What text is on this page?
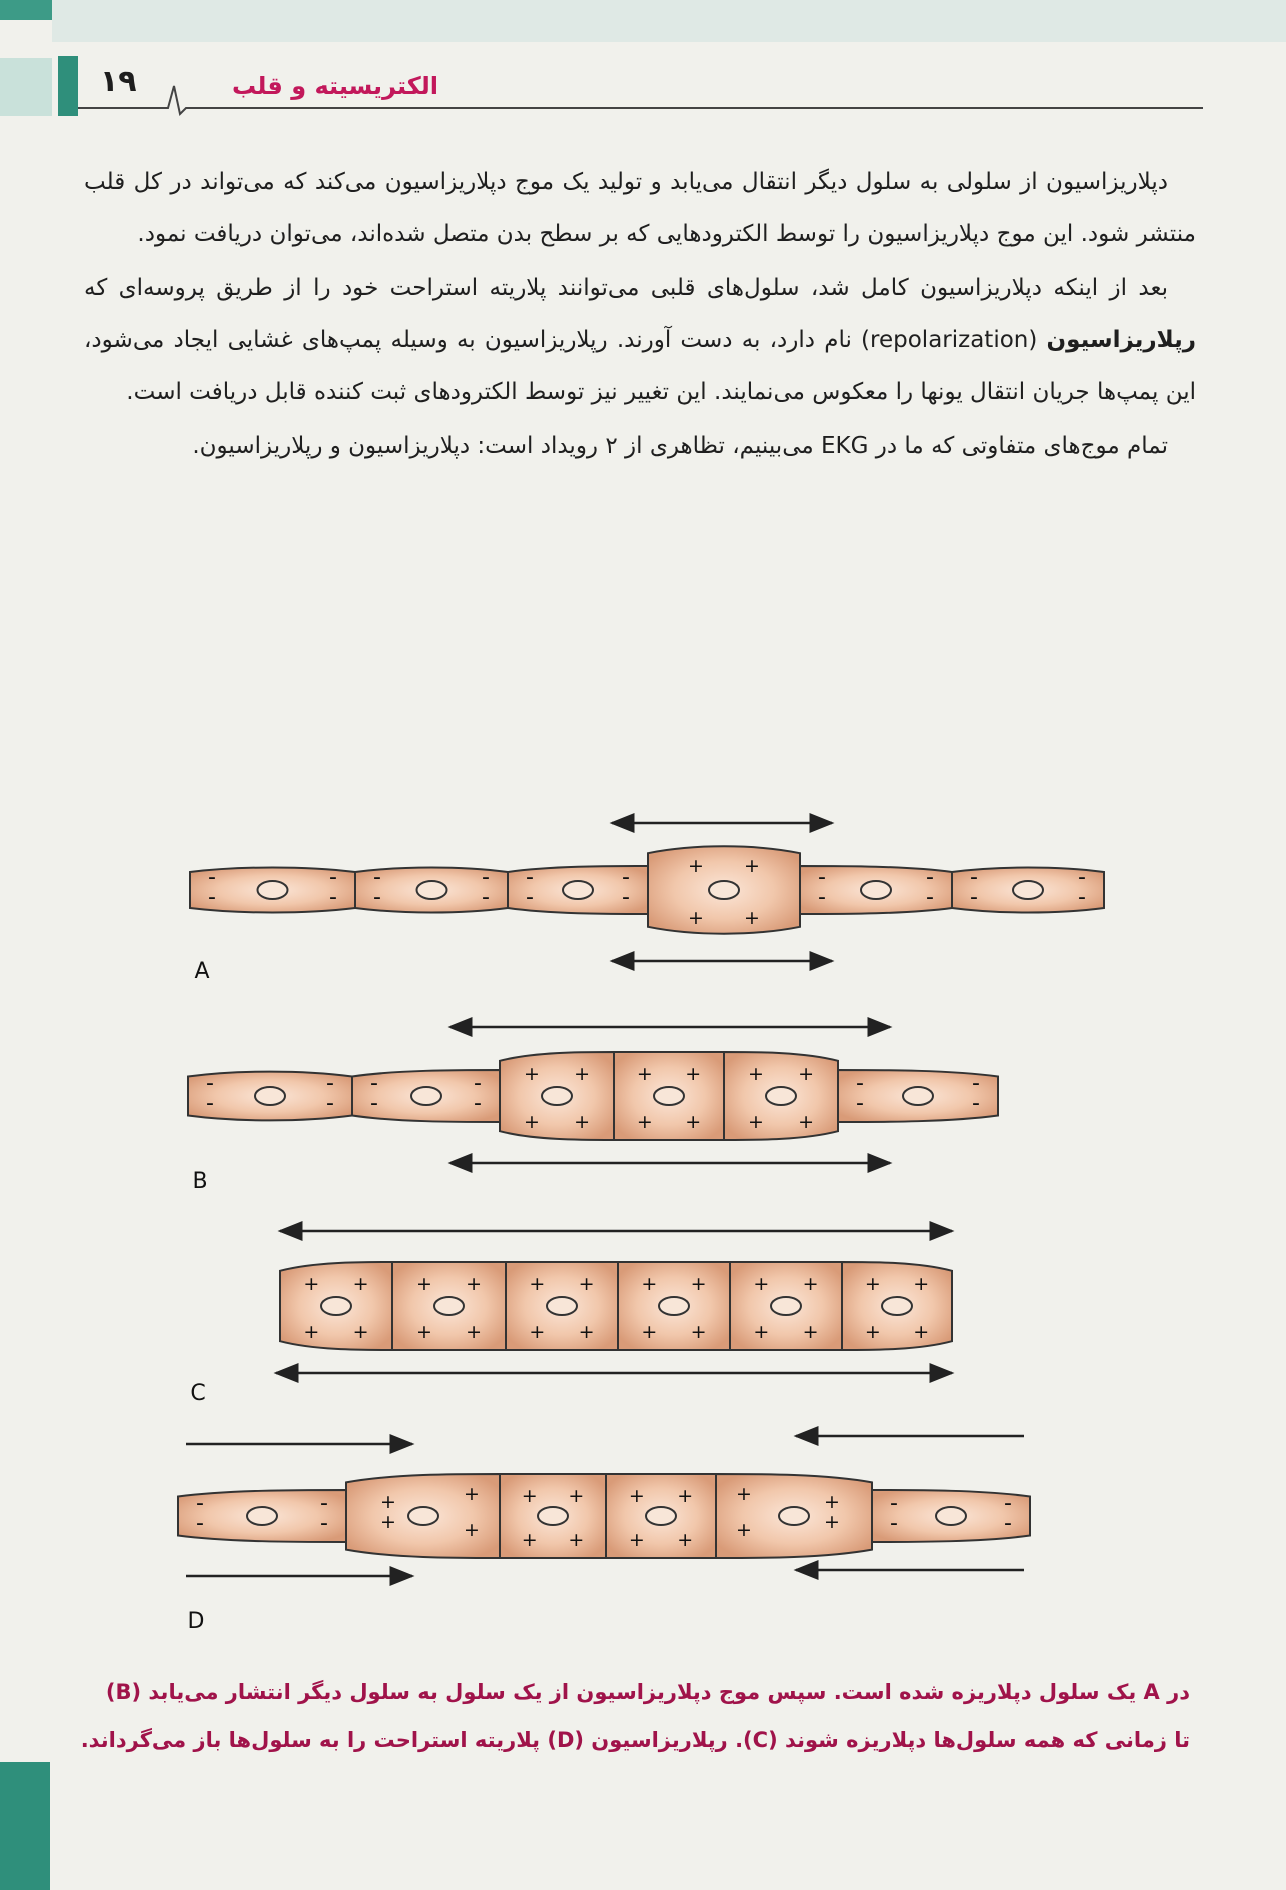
۱۹	الکتریسیته و قلب

دپلاریزاسیون از سلولی به سلول دیگر انتقال می‌یابد و تولید یک موج دپلاریزاسیون می‌کند که می‌تواند در کل قلب منتشر شود. این موج دپلاریزاسیون را توسط الکترودهایی که بر سطح بدن متصل شده‌اند، می‌توان دریافت نمود.

بعد از اینکه دپلاریزاسیون کامل شد، سلول‌های قلبی می‌توانند پلاریته استراحت خود را از طریق پروسه‌ای که رپلاریزاسیون (repolarization) نام دارد، به دست آورند. رپلاریزاسیون به وسیله پمپ‌های غشایی ایجاد می‌شود، این پمپ‌ها جریان انتقال یونها را معکوس می‌نمایند. این تغییر نیز توسط الکترودهای ثبت کننده قابل دریافت است.

تمام موج‌های متفاوتی که ما در EKG می‌بینیم، تظاهری از ۲ رویداد است: دپلاریزاسیون و رپلاریزاسیون.

-	-
-	-
-	-
-	-
-	-
-	-
+ +
+ +
-	-
-	-
-	-
-	-
A
-	-
-	-
-	-
-	-
+ +
+ +
+ +
+ +
+ +
+ +
-	-
-	-
B
+ +
+ +
+ +
+ +
+ +
+ +
+ +
+ +
+ +
+ +
+ +
+ +
C
-	-
-	-
+
+
+
+
+ +
+ +
+ +
+ +
+
+
+
+
-	-
-	-
D
در A یک سلول دپلاریزه شده است. سپس موج دپلاریزاسیون از یک سلول به سلول دیگر انتشار می‌یابد (B)
تا زمانی که همه سلول‌ها دپلاریزه شوند (C). رپلاریزاسیون (D) پلاریته استراحت را به سلول‌ها باز می‌گرداند.
